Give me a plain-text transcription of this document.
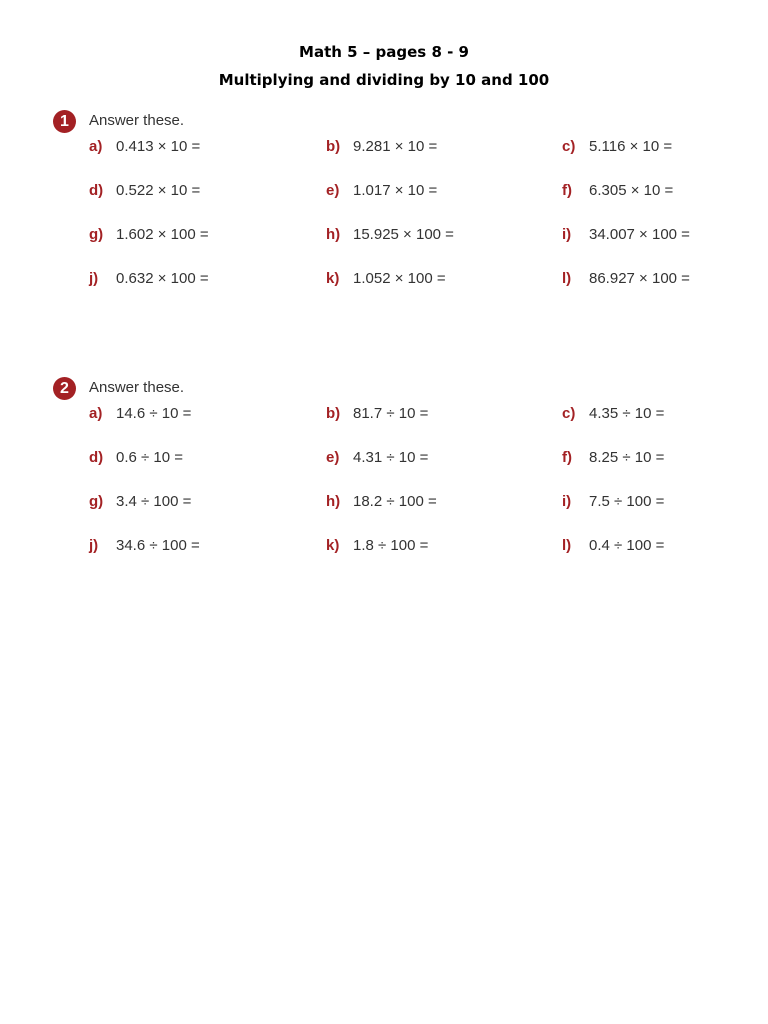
Math 5 – pages 8 - 9
Multiplying and dividing by 10 and 100
1	Answer these.
a) 0.413 × 10 =	b) 9.281 × 10 =	c) 5.116 × 10 =
d) 0.522 × 10 =	e) 1.017 × 10 =	f) 6.305 × 10 =
g) 1.602 × 100 =	h) 15.925 × 100 =	i) 34.007 × 100 =
j) 0.632 × 100 =	k) 1.052 × 100 =	l) 86.927 × 100 =
2	Answer these.
a) 14.6 ÷ 10 =	b) 81.7 ÷ 10 =	c) 4.35 ÷ 10 =
d) 0.6 ÷ 10 =	e) 4.31 ÷ 10 =	f) 8.25 ÷ 10 =
g) 3.4 ÷ 100 =	h) 18.2 ÷ 100 =	i) 7.5 ÷ 100 =
j) 34.6 ÷ 100 =	k) 1.8 ÷ 100 =	l) 0.4 ÷ 100 =
